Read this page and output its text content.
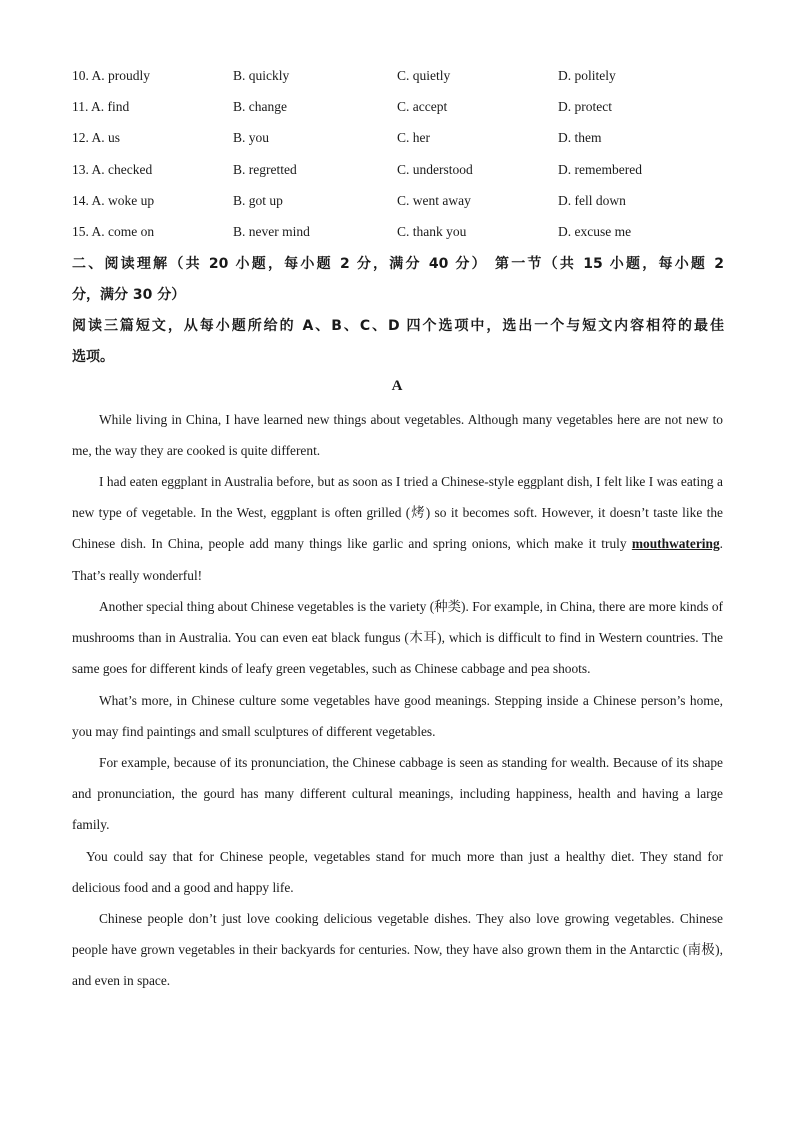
10. A. proudly	B. quickly	C. quietly	D. politely
11. A. find	B. change	C. accept	D. protect
12. A. us	B. you	C. her	D. them
13. A. checked	B. regretted	C. understood	D. remembered
14. A. woke up	B. got up	C. went away	D. fell down
15. A. come on	B. never mind	C. thank you	D. excuse me
二、阅读理解（共 20 小题，每小题 2 分，满分 40 分） 第一节（共 15 小题，每小题 2
分，满分 30 分）
阅读三篇短文，从每小题所给的 A、B、C、D 四个选项中，选出一个与短文内容相符的最佳
选项。
A

While living in China, I have learned new things about vegetables. Although many vegetables here are not new to me, the way they are cooked is quite different.

I had eaten eggplant in Australia before, but as soon as I tried a Chinese-style eggplant dish, I felt like I was eating a new type of vegetable. In the West, eggplant is often grilled (烤) so it becomes soft. However, it doesn’t taste like the Chinese dish. In China, people add many things like garlic and spring onions, which make it truly mouthwatering. That’s really wonderful!

Another special thing about Chinese vegetables is the variety (种类). For example, in China, there are more kinds of mushrooms than in Australia. You can even eat black fungus (木耳), which is difficult to find in Western countries. The same goes for different kinds of leafy green vegetables, such as Chinese cabbage and pea shoots.

What’s more, in Chinese culture some vegetables have good meanings. Stepping inside a Chinese person’s home, you may find paintings and small sculptures of different vegetables.

For example, because of its pronunciation, the Chinese cabbage is seen as standing for wealth. Because of its shape and pronunciation, the gourd has many different cultural meanings, including happiness, health and having a large family.

You could say that for Chinese people, vegetables stand for much more than just a healthy diet. They stand for delicious food and a good and happy life.

Chinese people don’t just love cooking delicious vegetable dishes. They also love growing vegetables. Chinese people have grown vegetables in their backyards for centuries. Now, they have also grown them in the Antarctic (南极), and even in space.
